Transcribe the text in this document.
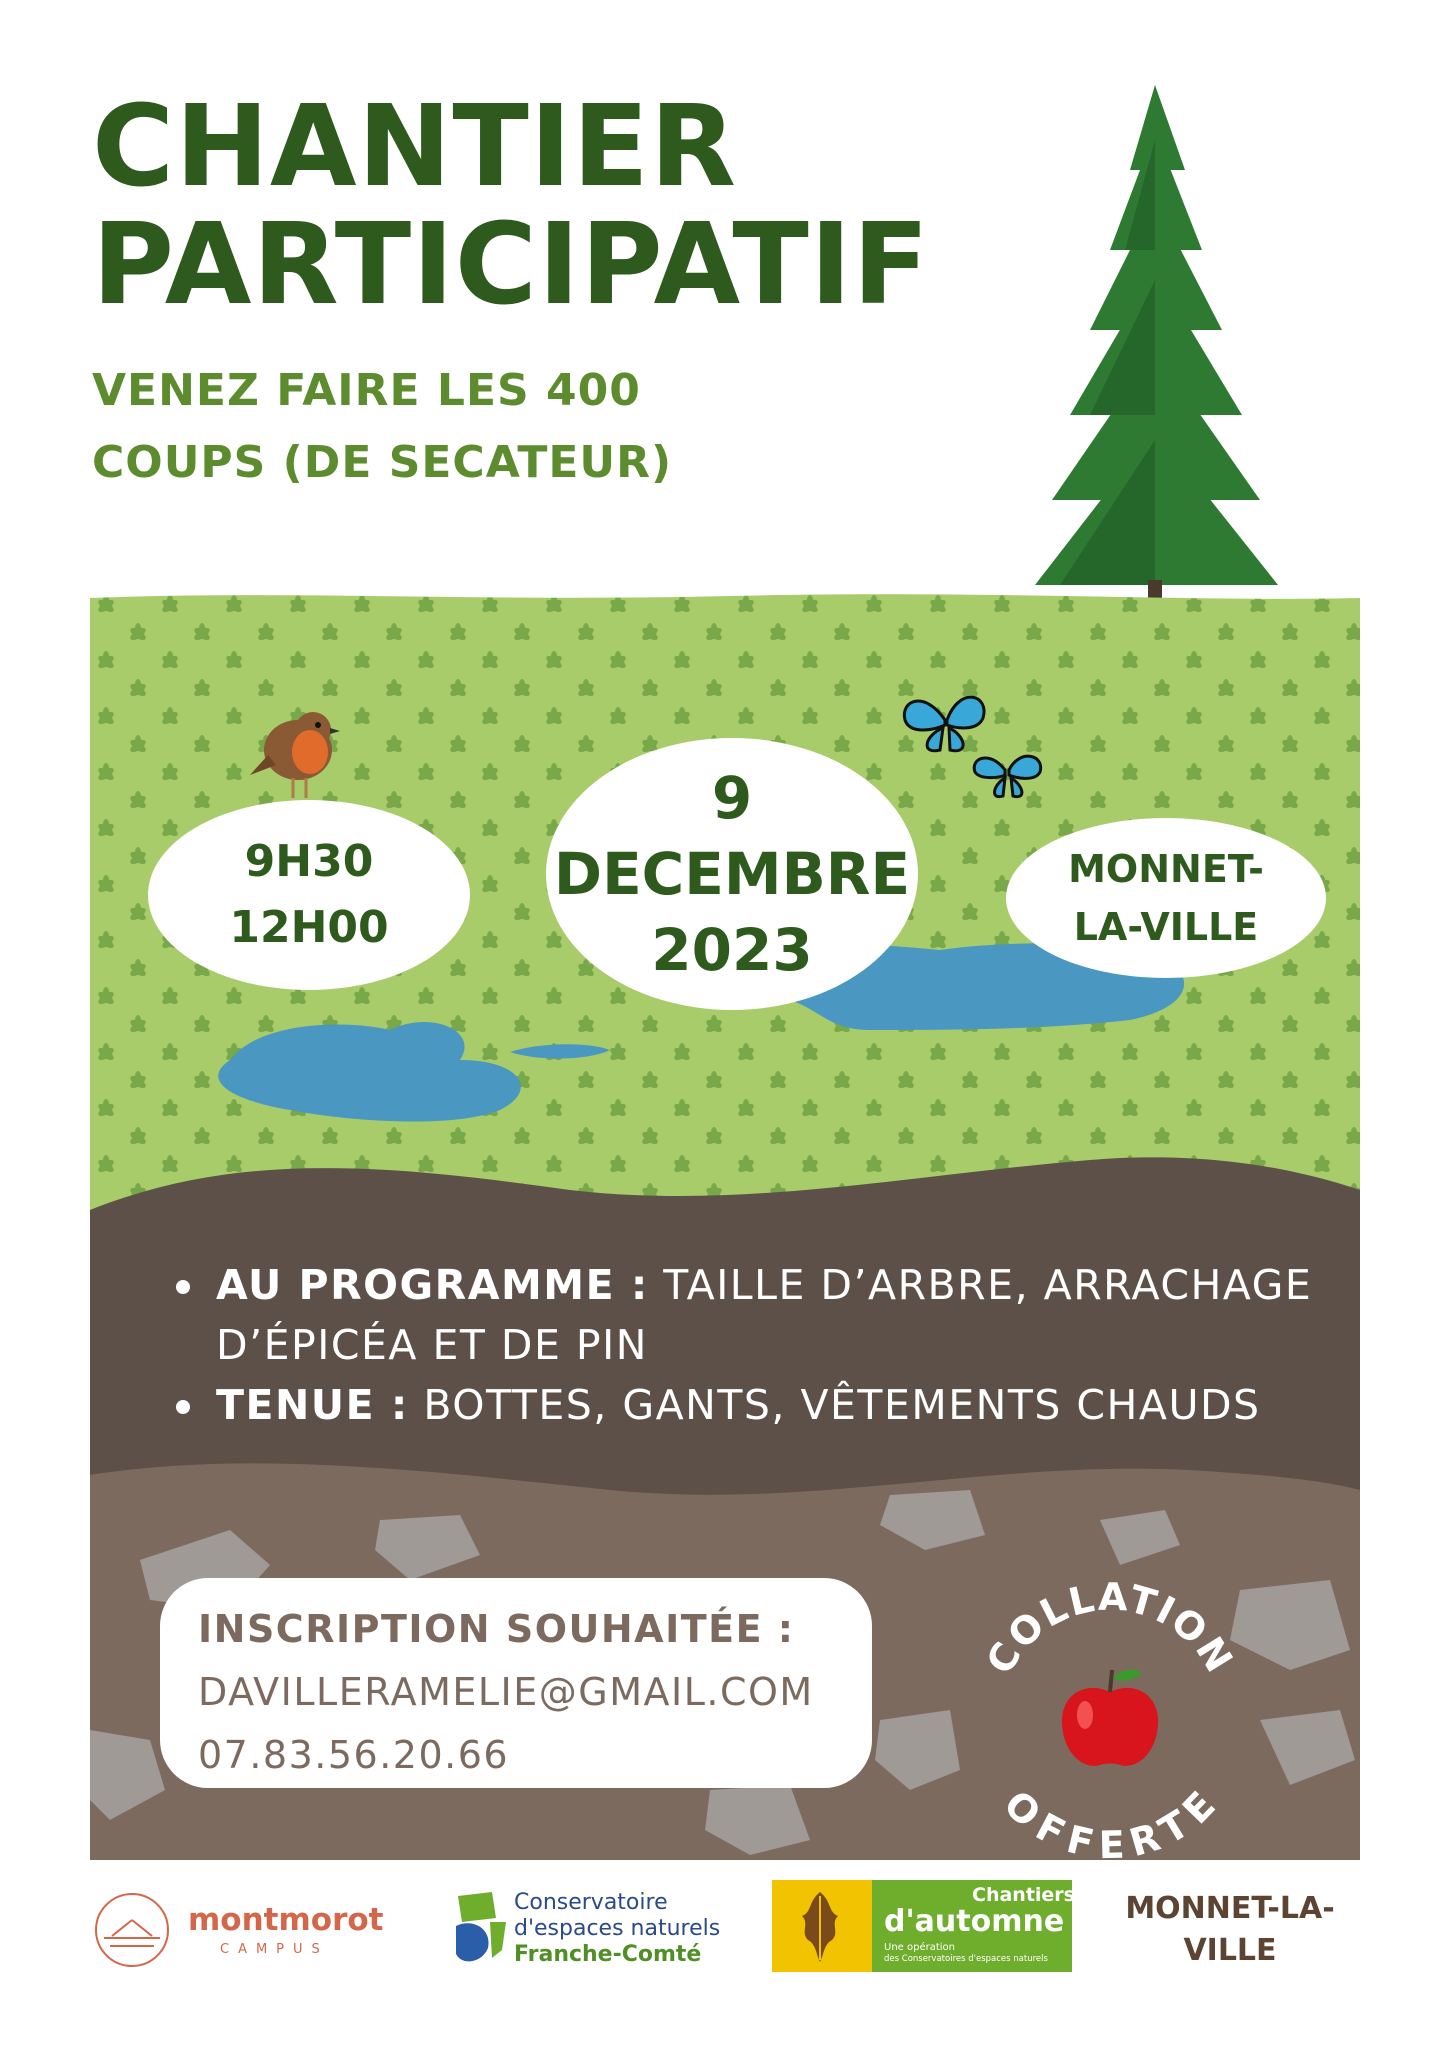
CHANTIER
PARTICIPATIF
VENEZ FAIRE LES 400
COUPS (DE SECATEUR)
9H30
12H00
9
DECEMBRE
2023
MONNET-
LA-VILLE
AU PROGRAMME : TAILLE D’ARBRE, ARRACHAGE
D’ÉPICÉA ET DE PIN
TENUE : BOTTES, GANTS, VÊTEMENTS CHAUDS
INSCRIPTION SOUHAITÉE :
DAVILLERAMELIE@GMAIL.COM
07.83.56.20.66
COLLATION
OFFERTE
montmorot
CAMPUS
Conservatoire
d'espaces naturels
Franche-Comté
Chantiers
d'automne
Une opération
des Conservatoires d'espaces naturels
MONNET-LA-
VILLE
